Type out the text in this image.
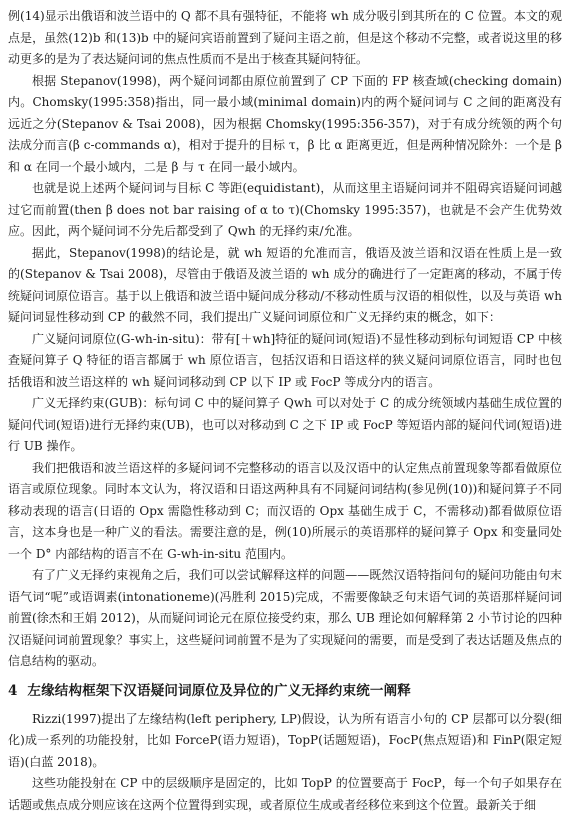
例(14)显示出俄语和波兰语中的 Q 都不具有强特征，不能将 wh 成分吸引到其所在的 C 位置。本文的观点是，虽然(12)b 和(13)b 中的疑问宾语前置到了疑问主语之前，但是这个移动不完整，或者说这里的移动更多的是为了表达疑问词的焦点性质而不是出于核查其疑问特征。

根据 Stepanov(1998)，两个疑问词都由原位前置到了 CP 下面的 FP 核查域(checking domain)内。Chomsky(1995:358)指出，同一最小域(minimal domain)内的两个疑问词与 C 之间的距离没有远近之分(Stepanov & Tsai 2008)，因为根据 Chomsky(1995:356-357)，对于有成分统领的两个句法成分而言(β c-commands α)，相对于提升的目标 τ，β 比 α 距离更近，但是两种情况除外：一个是 β 和 α 在同一个最小域内，二是 β 与 τ 在同一最小域内。

也就是说上述两个疑问词与目标 C 等距(equidistant)，从而这里主语疑问词并不阻碍宾语疑问词越过它而前置(then β does not bar raising of α to τ)(Chomsky 1995:357)，也就是不会产生优势效应。因此，两个疑问词不分先后都受到了 Qwh 的无择约束/允准。

据此，Stepanov(1998)的结论是，就 wh 短语的允准而言，俄语及波兰语和汉语在性质上是一致的(Stepanov & Tsai 2008)，尽管由于俄语及波兰语的 wh 成分的确进行了一定距离的移动，不属于传统疑问词原位语言。基于以上俄语和波兰语中疑问成分移动/不移动性质与汉语的相似性，以及与英语 wh 疑问词显性移动到 CP 的截然不同，我们提出广义疑问词原位和广义无择约束的概念，如下：

广义疑问词原位(G-wh-in-situ)：带有[＋wh]特征的疑问词(短语)不显性移动到标句词短语 CP 中核查疑问算子 Q 特征的语言都属于 wh 原位语言，包括汉语和日语这样的狭义疑问词原位语言，同时也包括俄语和波兰语这样的 wh 疑问词移动到 CP 以下 IP 或 FocP 等成分内的语言。

广义无择约束(GUB)：标句词 C 中的疑问算子 Qwh 可以对处于 C 的成分统领域内基础生成位置的疑问代词(短语)进行无择约束(UB)，也可以对移动到 C 之下 IP 或 FocP 等短语内部的疑问代词(短语)进行 UB 操作。

我们把俄语和波兰语这样的多疑问词不完整移动的语言以及汉语中的认定焦点前置现象等都看做原位语言或原位现象。同时本文认为，将汉语和日语这两种具有不同疑问词结构(参见例(10))和疑问算子不同移动表现的语言(日语的 Opx 需隐性移动到 C；而汉语的 Opx 基础生成于 C，不需移动)都看做原位语言，这本身也是一种广义的看法。需要注意的是，例(10)所展示的英语那样的疑问算子 Opx 和变量同处一个 D° 内部结构的语言不在 G-wh-in-situ 范围内。

有了广义无择约束视角之后，我们可以尝试解释这样的问题——既然汉语特指问句的疑问功能由句末语气词“呢”或语调素(intonationeme)(冯胜利 2015)完成，不需要像缺乏句末语气词的英语那样疑问词前置(徐杰和王娟 2012)，从而疑问词论元在原位接受约束，那么 UB 理论如何解释第 2 小节讨论的四种汉语疑问词前置现象？事实上，这些疑问词前置不是为了实现疑问的需要，而是受到了表达话题及焦点的信息结构的驱动。

4 左缘结构框架下汉语疑问词原位及异位的广义无择约束统一阐释

Rizzi(1997)提出了左缘结构(left periphery, LP)假设，认为所有语言小句的 CP 层都可以分裂(细化)成一系列的功能投射，比如 ForceP(语力短语)，TopP(话题短语)，FocP(焦点短语)和 FinP(限定短语)(白蓝 2018)。

这些功能投射在 CP 中的层级顺序是固定的，比如 TopP 的位置要高于 FocP，每一个句子如果存在话题或焦点成分则应该在这两个位置得到实现，或者原位生成或者经移位来到这个位置。最新关于细
